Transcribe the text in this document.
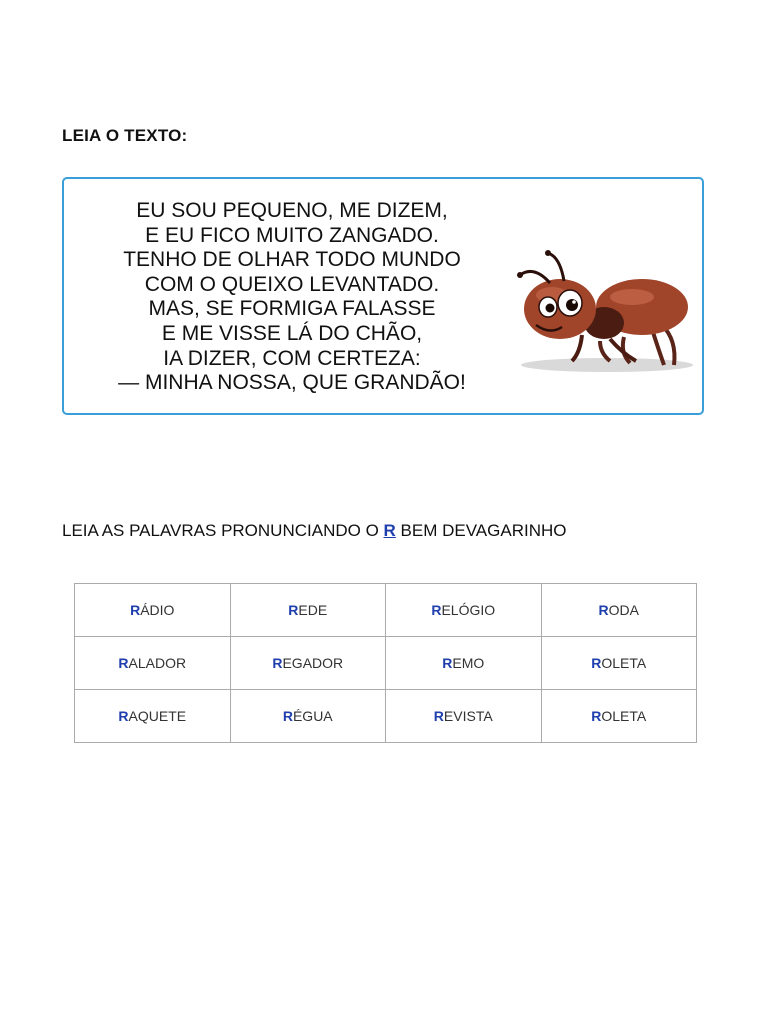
LEIA O TEXTO:
EU SOU PEQUENO, ME DIZEM,
E EU FICO MUITO ZANGADO.
TENHO DE OLHAR TODO MUNDO
COM O QUEIXO LEVANTADO.
MAS, SE FORMIGA FALASSE
E ME VISSE LÁ DO CHÃO,
IA DIZER, COM CERTEZA:
— MINHA NOSSA, QUE GRANDÃO!
LEIA AS PALAVRAS PRONUNCIANDO O R BEM DEVAGARINHO
RÁDIO	REDE	RELÓGIO	RODA
RALADOR	REGADOR	REMO	ROLETA
RAQUETE	RÉGUA	REVISTA	ROLETA
